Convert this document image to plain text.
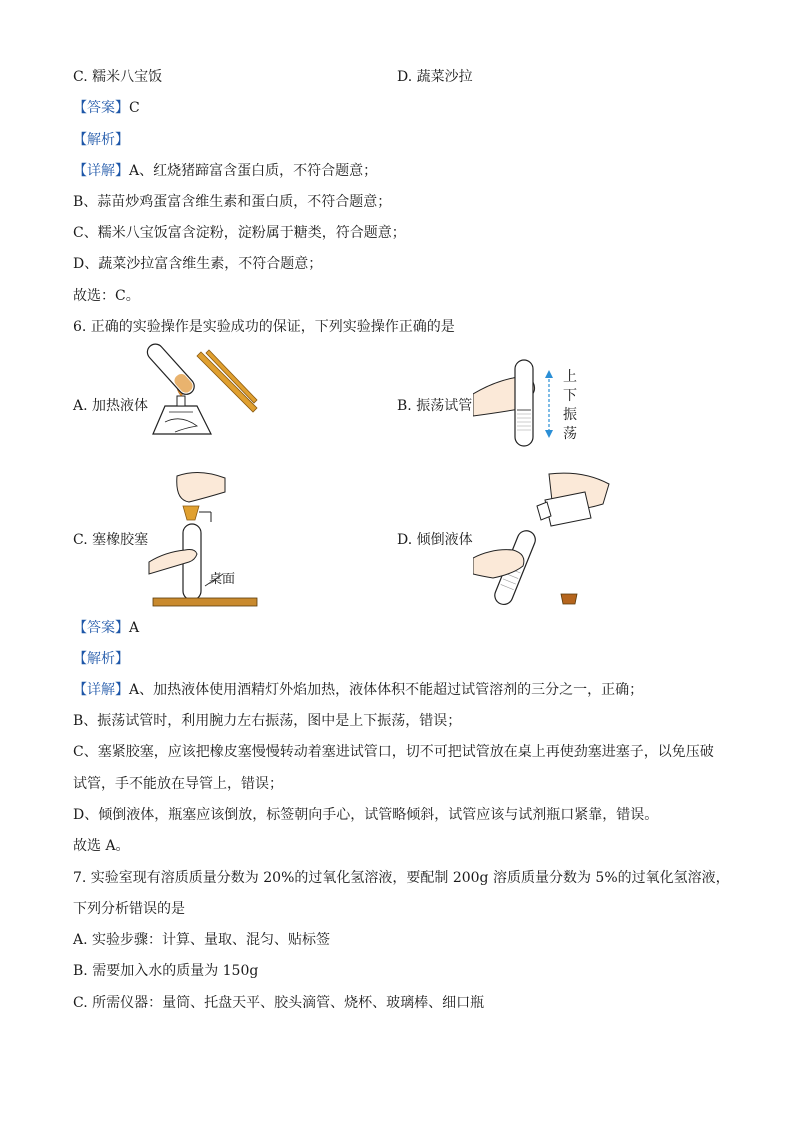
C. 糯米八宝饭	D. 蔬菜沙拉
【答案】C
【解析】
【详解】A、红烧猪蹄富含蛋白质，不符合题意；
B、蒜苗炒鸡蛋富含维生素和蛋白质，不符合题意；
C、糯米八宝饭富含淀粉，淀粉属于糖类，符合题意；
D、蔬菜沙拉富含维生素，不符合题意；
故选：C。
6. 正确的实验操作是实验成功的保证，下列实验操作正确的是
A. 加热液体	B. 振荡试管
上
下
振
荡
C. 塞橡胶塞
桌面
D. 倾倒液体
【答案】A
【解析】
【详解】A、加热液体使用酒精灯外焰加热，液体体积不能超过试管溶剂的三分之一，正确；
B、振荡试管时，利用腕力左右振荡，图中是上下振荡，错误；
C、塞紧胶塞，应该把橡皮塞慢慢转动着塞进试管口，切不可把试管放在桌上再使劲塞进塞子，以免压破
试管，手不能放在导管上，错误；
D、倾倒液体，瓶塞应该倒放，标签朝向手心，试管略倾斜，试管应该与试剂瓶口紧靠，错误。
故选 A。
7. 实验室现有溶质质量分数为 20%的过氧化氢溶液，要配制 200g 溶质质量分数为 5%的过氧化氢溶液，
下列分析错误的是
A. 实验步骤：计算、量取、混匀、贴标签
B. 需要加入水的质量为 150g
C. 所需仪器：量筒、托盘天平、胶头滴管、烧杯、玻璃棒、细口瓶
